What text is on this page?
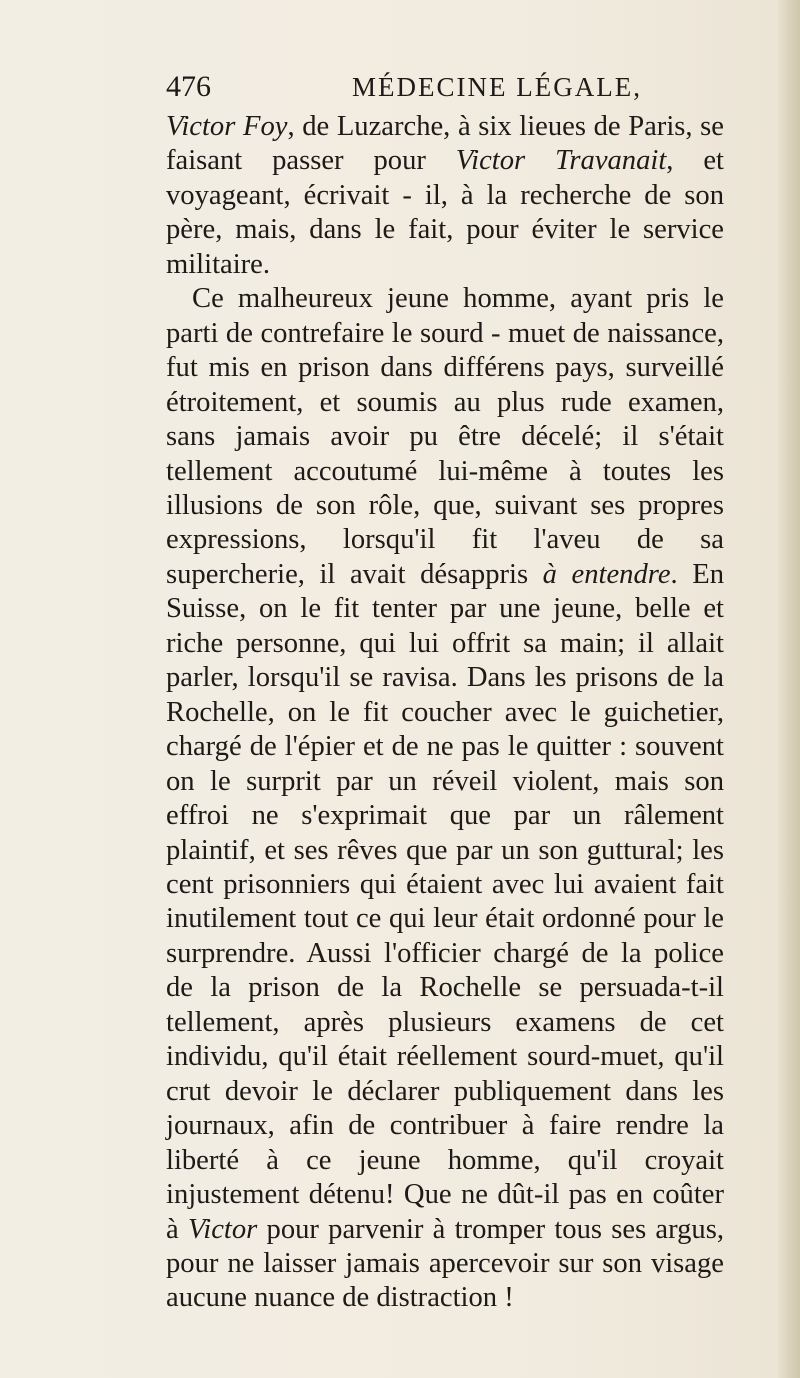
476	MÉDECINE LÉGALE,

Victor Foy, de Luzarche, à six lieues de Paris, se faisant passer pour Victor Travanait, et voyageant, écrivait - il, à la recherche de son père, mais, dans le fait, pour éviter le service militaire.

Ce malheureux jeune homme, ayant pris le parti de contrefaire le sourd - muet de naissance, fut mis en prison dans différens pays, surveillé étroitement, et soumis au plus rude examen, sans jamais avoir pu être décelé; il s'était tellement accoutumé lui-même à toutes les illusions de son rôle, que, suivant ses propres expressions, lorsqu'il fit l'aveu de sa supercherie, il avait désappris à entendre. En Suisse, on le fit tenter par une jeune, belle et riche personne, qui lui offrit sa main; il allait parler, lorsqu'il se ravisa. Dans les prisons de la Rochelle, on le fit coucher avec le guichetier, chargé de l'épier et de ne pas le quitter : souvent on le surprit par un réveil violent, mais son effroi ne s'exprimait que par un râlement plaintif, et ses rêves que par un son guttural; les cent prisonniers qui étaient avec lui avaient fait inutilement tout ce qui leur était ordonné pour le surprendre. Aussi l'officier chargé de la police de la prison de la Rochelle se persuada-t-il tellement, après plusieurs examens de cet individu, qu'il était réellement sourd-muet, qu'il crut devoir le déclarer publiquement dans les journaux, afin de contribuer à faire rendre la liberté à ce jeune homme, qu'il croyait injustement détenu! Que ne dût-il pas en coûter à Victor pour parvenir à tromper tous ses argus, pour ne laisser jamais apercevoir sur son visage aucune nuance de distraction !
